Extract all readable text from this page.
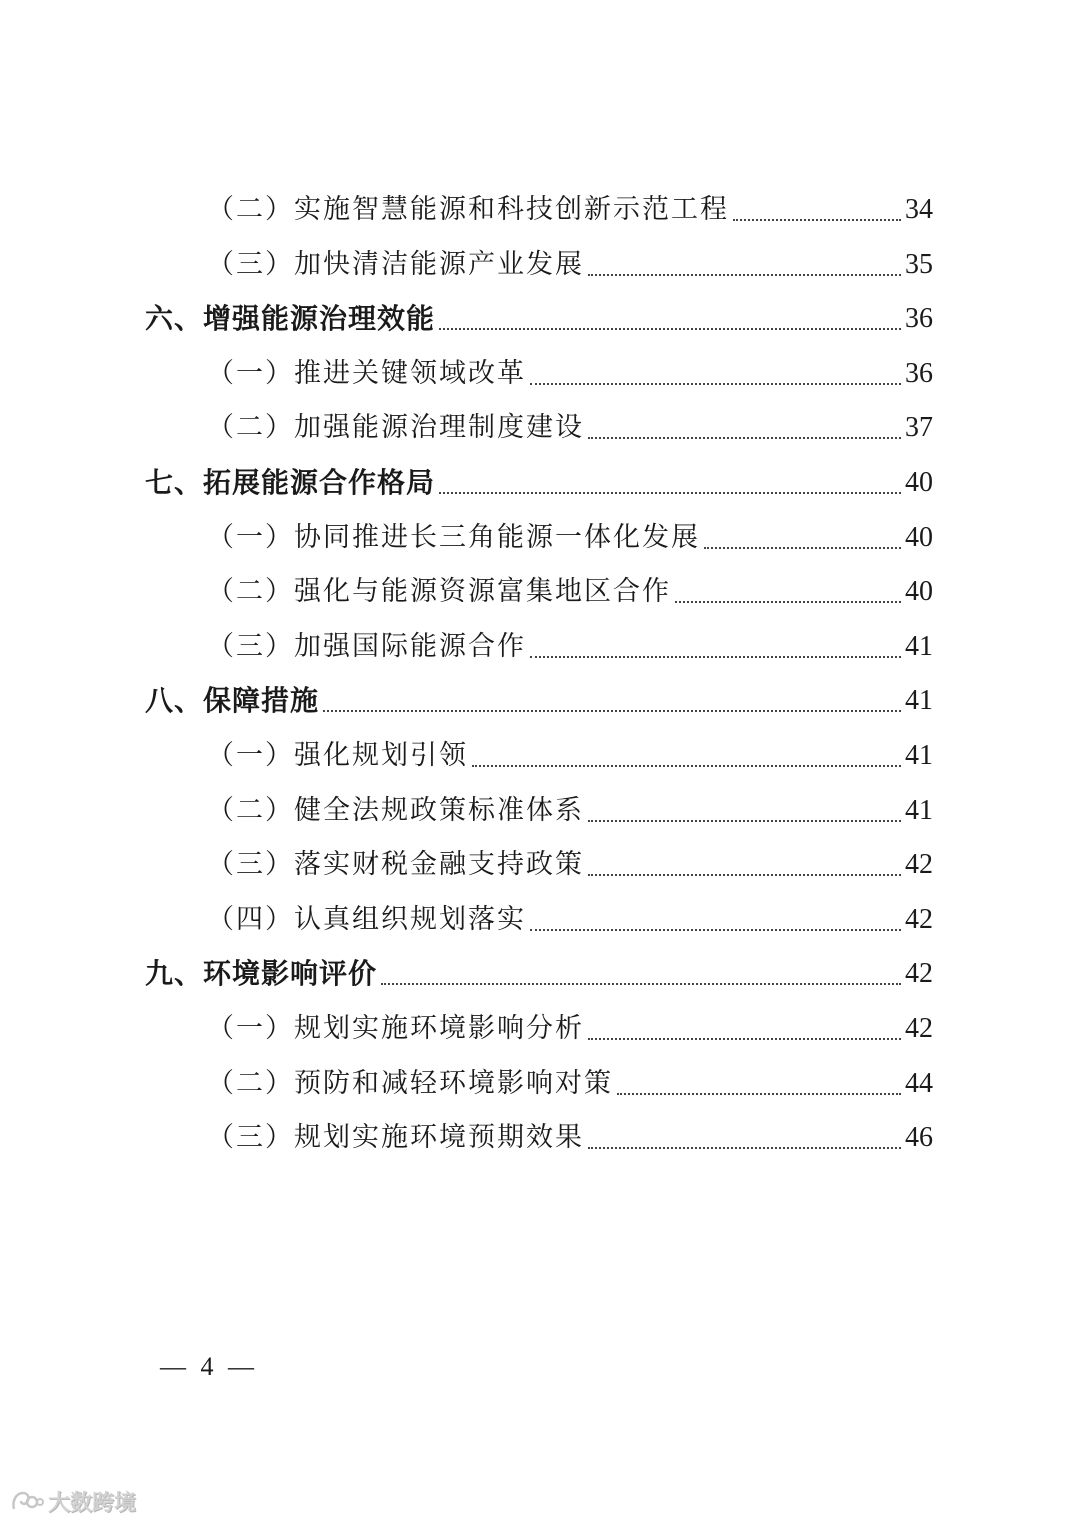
（二）实施智慧能源和科技创新示范工程	34
（三）加快清洁能源产业发展	35
六、增强能源治理效能	36
（一）推进关键领域改革	36
（二）加强能源治理制度建设	37
七、拓展能源合作格局	40
（一）协同推进长三角能源一体化发展	40
（二）强化与能源资源富集地区合作	40
（三）加强国际能源合作	41
八、保障措施	41
（一）强化规划引领	41
（二）健全法规政策标准体系	41
（三）落实财税金融支持政策	42
（四）认真组织规划落实	42
九、环境影响评价	42
（一）规划实施环境影响分析	42
（二）预防和减轻环境影响对策	44
（三）规划实施环境预期效果	46
— 4 —
大数跨境
